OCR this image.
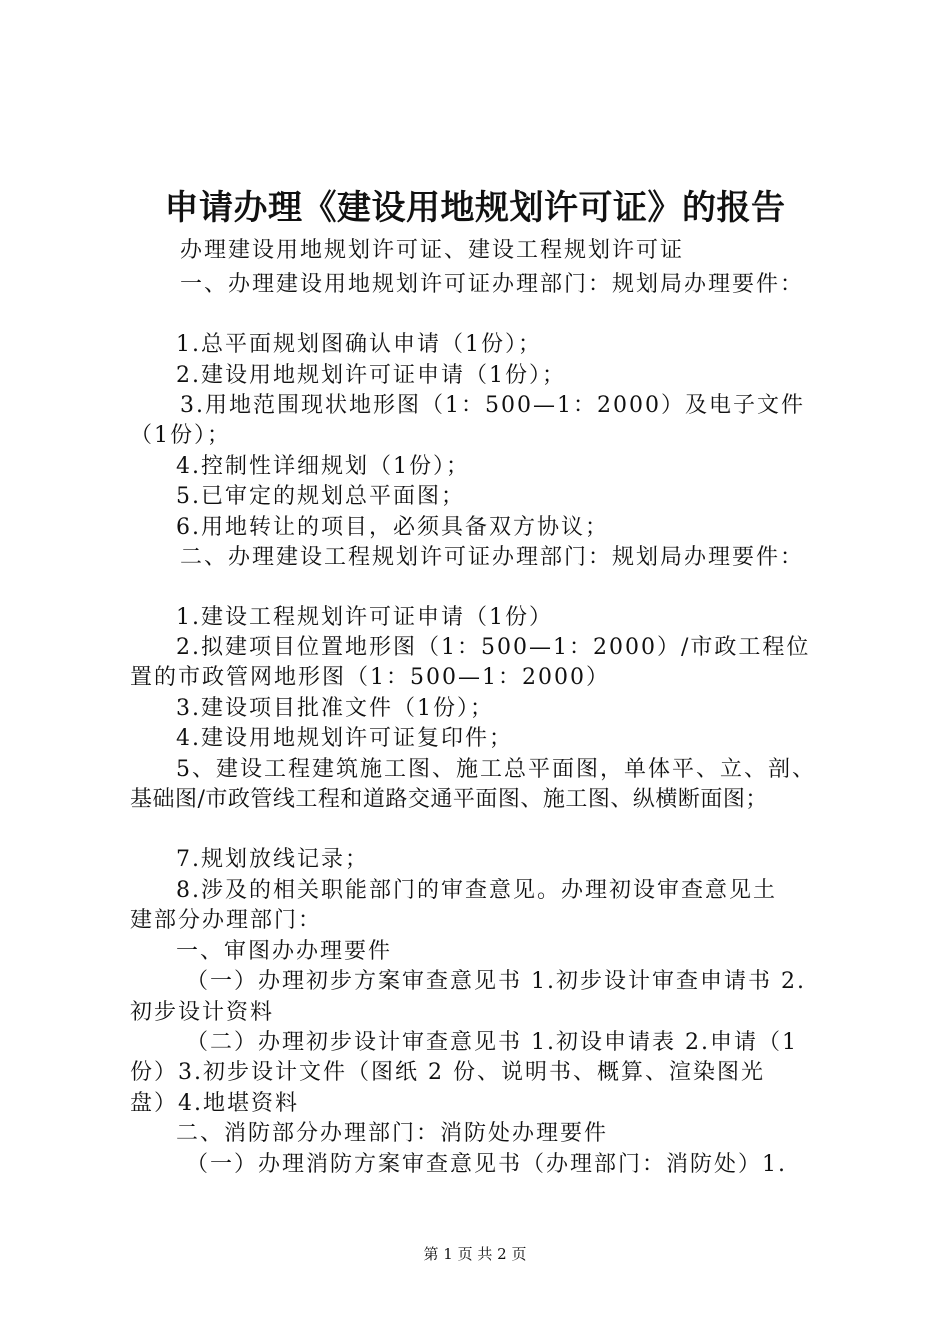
申请办理《建设用地规划许可证》的报告
办理建设用地规划许可证、建设工程规划许可证
一、办理建设用地规划许可证办理部门：规划局办理要件：
1.总平面规划图确认申请（1份）；
2.建设用地规划许可证申请（1份）；
3.用地范围现状地形图（1：500—1：2000）及电子文件
（1份）；
4.控制性详细规划（1份）；
5.已审定的规划总平面图；
6.用地转让的项目，必须具备双方协议；
二、办理建设工程规划许可证办理部门：规划局办理要件：
1.建设工程规划许可证申请（1份）
2.拟建项目位置地形图（1：500—1：2000）/市政工程位
置的市政管网地形图（1：500—1：2000）
3.建设项目批准文件（1份）；
4.建设用地规划许可证复印件；
5、建设工程建筑施工图、施工总平面图，单体平、立、剖、
基础图/市政管线工程和道路交通平面图、施工图、纵横断面图；
7.规划放线记录；
8.涉及的相关职能部门的审查意见。办理初设审查意见土
建部分办理部门：
一、审图办办理要件
（一）办理初步方案审查意见书 1.初步设计审查申请书 2.
初步设计资料
（二）办理初步设计审查意见书 1.初设申请表 2.申请（1
份）3.初步设计文件（图纸 2 份、说明书、概算、渲染图光
盘）4.地堪资料
二、消防部分办理部门：消防处办理要件
（一）办理消防方案审查意见书（办理部门：消防处）1.
第 1 页 共 2 页
